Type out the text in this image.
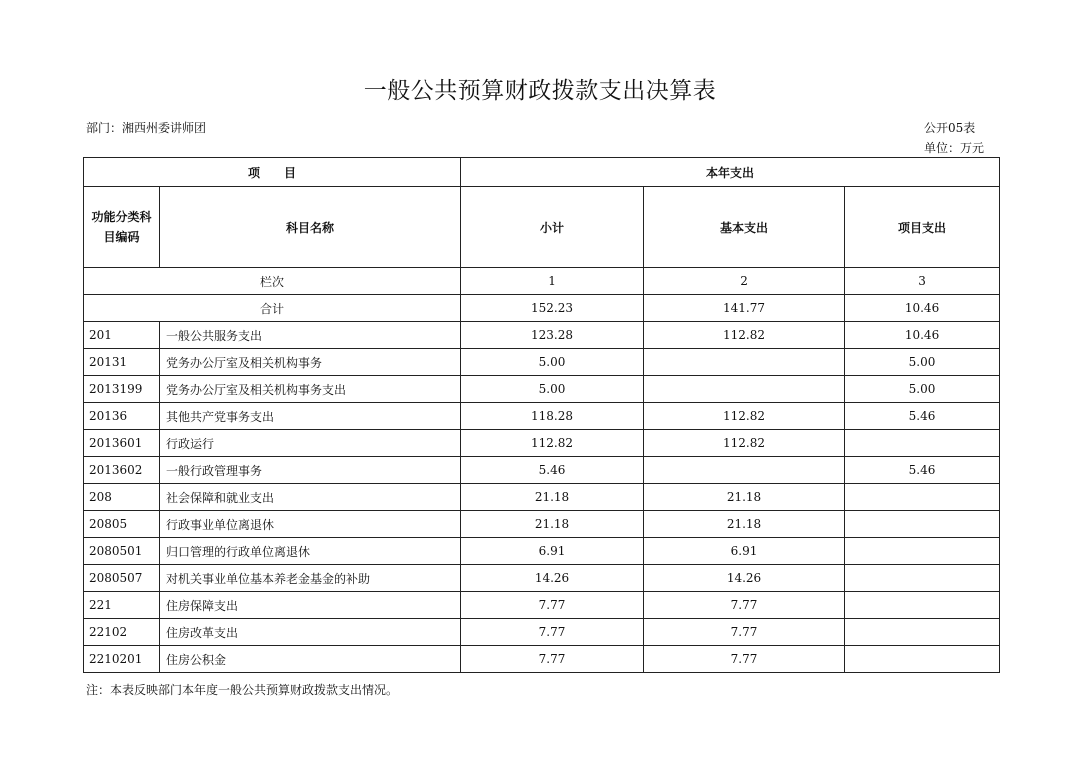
一般公共预算财政拨款支出决算表
部门：湘西州委讲师团	公开05表
单位：万元
项　　目		本年支出		
功能分类科目编码	科目名称	小计	基本支出	项目支出
栏次		1	2	3
合计		152.23	141.77	10.46
201	一般公共服务支出	123.28	112.82	10.46
20131	党务办公厅室及相关机构事务	5.00		5.00
2013199	党务办公厅室及相关机构事务支出	5.00		5.00
20136	其他共产党事务支出	118.28	112.82	5.46
2013601	行政运行	112.82	112.82	
2013602	一般行政管理事务	5.46		5.46
208	社会保障和就业支出	21.18	21.18	
20805	行政事业单位离退休	21.18	21.18	
2080501	归口管理的行政单位离退休	6.91	6.91	
2080507	对机关事业单位基本养老金基金的补助	14.26	14.26	
221	住房保障支出	7.77	7.77	
22102	住房改革支出	7.77	7.77	
2210201	住房公积金	7.77	7.77	
注：本表反映部门本年度一般公共预算财政拨款支出情况。
